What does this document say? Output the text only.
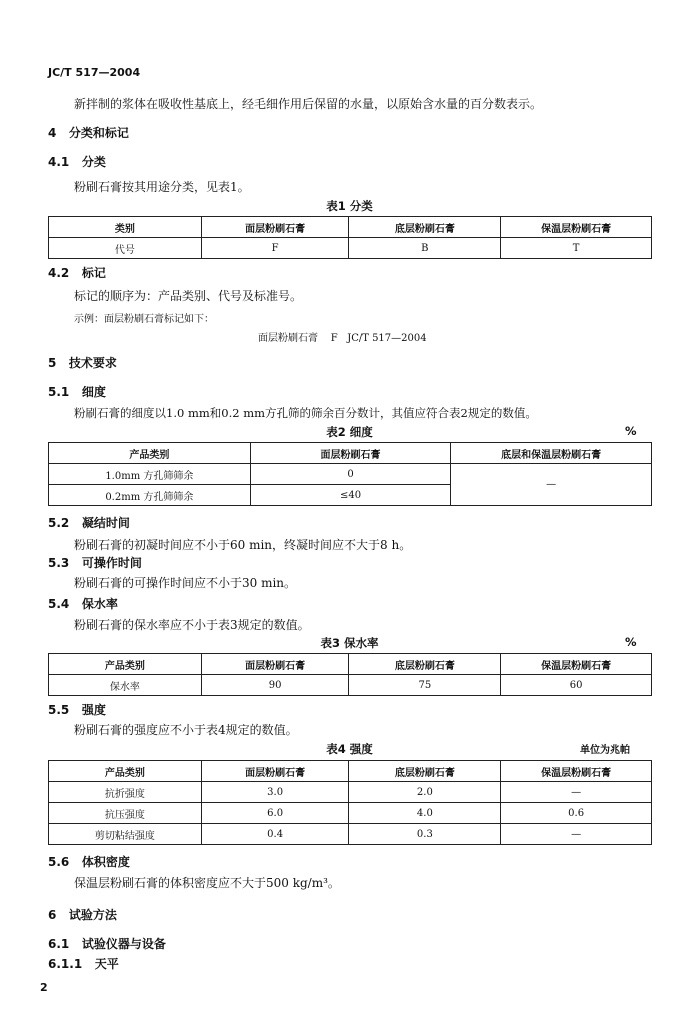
JC/T 517—2004
新拌制的浆体在吸收性基底上，经毛细作用后保留的水量，以原始含水量的百分数表示。
4 分类和标记
4.1 分类
粉刷石膏按其用途分类，见表1。
表1 分类
类别	面层粉刷石膏	底层粉刷石膏	保温层粉刷石膏
代号	F	B	T
4.2 标记
标记的顺序为：产品类别、代号及标准号。
示例：面层粉刷石膏标记如下：
面层粉刷石膏    F   JC/T 517—2004
5 技术要求
5.1 细度
粉刷石膏的细度以1.0 mm和0.2 mm方孔筛的筛余百分数计，其值应符合表2规定的数值。
表2 细度	%
产品类别	面层粉刷石膏	底层和保温层粉刷石膏
1.0mm 方孔筛筛余	0	—
0.2mm 方孔筛筛余	≤40	
5.2 凝结时间
粉刷石膏的初凝时间应不小于60 min，终凝时间应不大于8 h。
5.3 可操作时间
粉刷石膏的可操作时间应不小于30 min。
5.4 保水率
粉刷石膏的保水率应不小于表3规定的数值。
表3 保水率	%
产品类别	面层粉刷石膏	底层粉刷石膏	保温层粉刷石膏
保水率	90	75	60
5.5 强度
粉刷石膏的强度应不小于表4规定的数值。
表4 强度	单位为兆帕
产品类别	面层粉刷石膏	底层粉刷石膏	保温层粉刷石膏
抗折强度	3.0	2.0	—
抗压强度	6.0	4.0	0.6
剪切粘结强度	0.4	0.3	—
5.6 体积密度
保温层粉刷石膏的体积密度应不大于500 kg/m³。
6 试验方法
6.1 试验仪器与设备
6.1.1 天平
2
